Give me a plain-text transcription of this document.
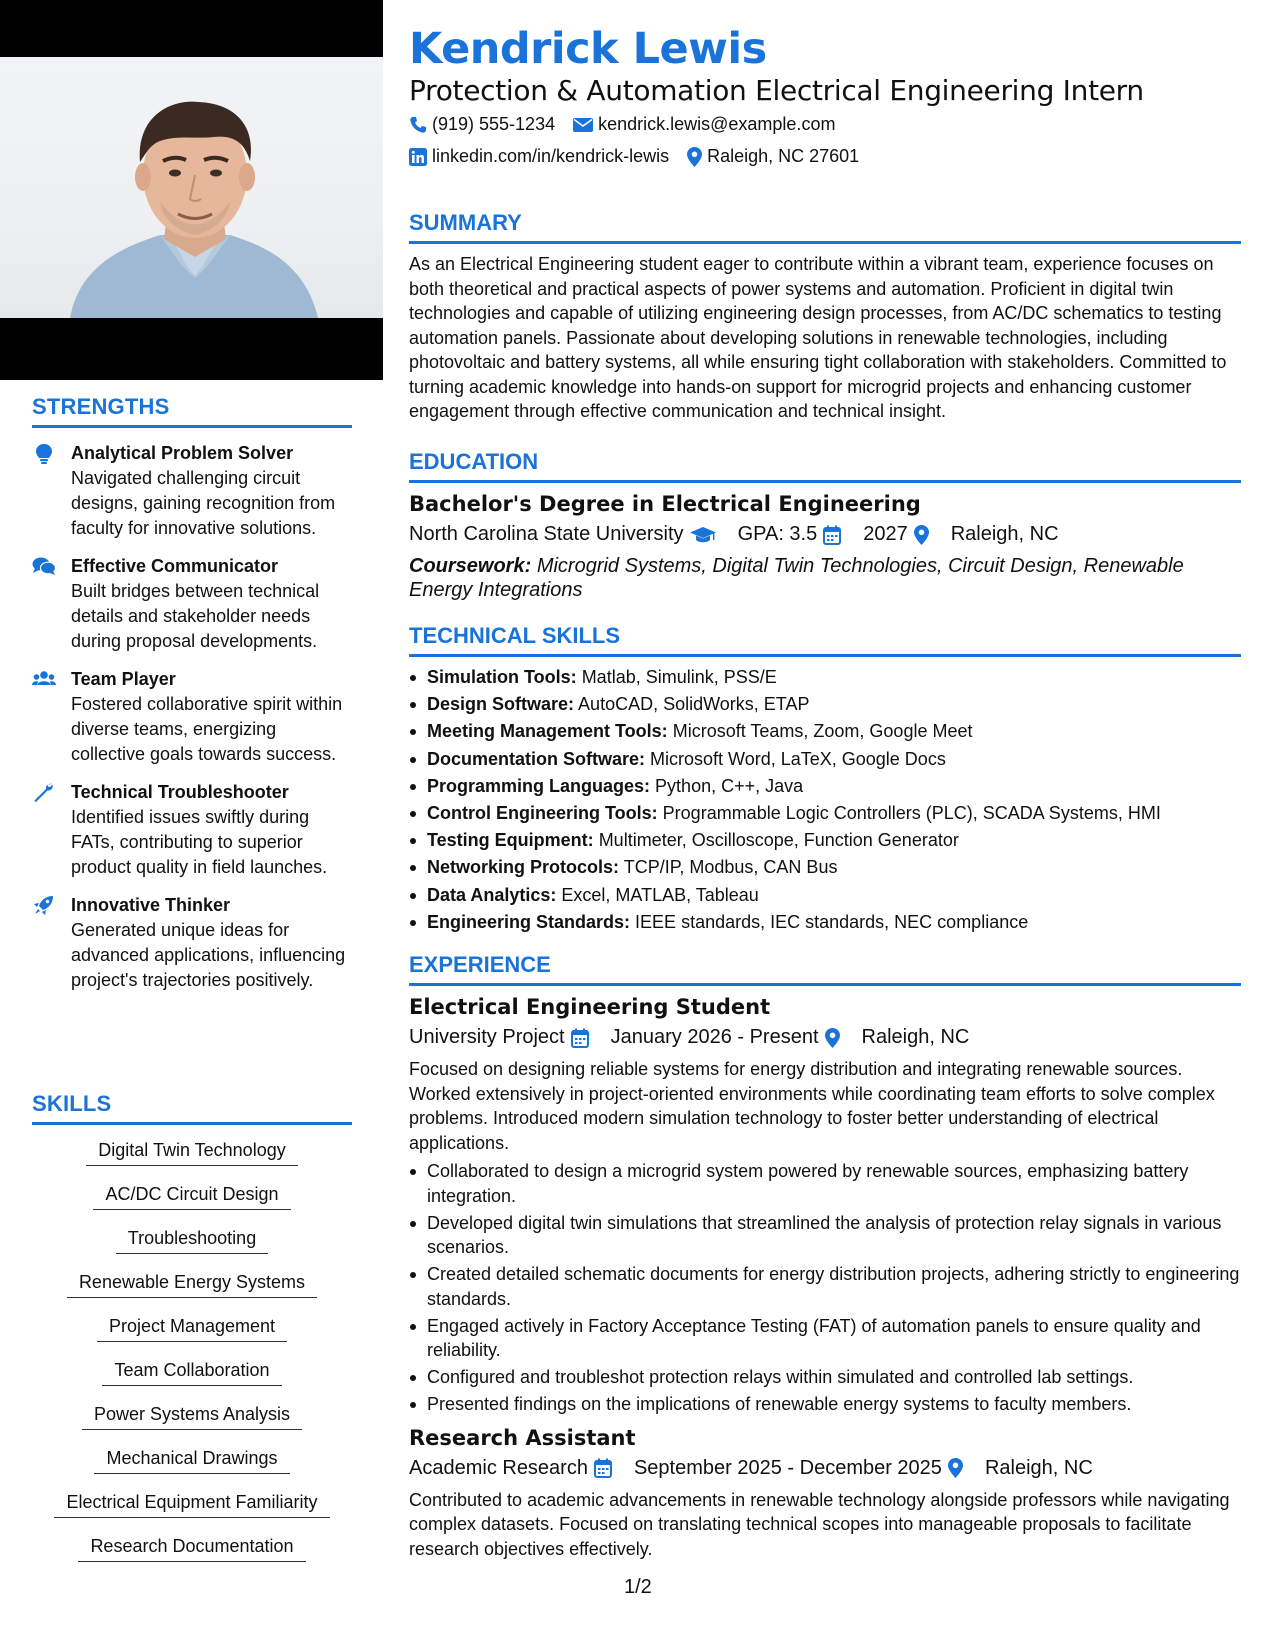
STRENGTHS
Analytical Problem Solver
Navigated challenging circuit designs, gaining recognition from faculty for innovative solutions.
Effective Communicator
Built bridges between technical details and stakeholder needs during proposal developments.
Team Player
Fostered collaborative spirit within diverse teams, energizing collective goals towards success.
Technical Troubleshooter
Identified issues swiftly during FATs, contributing to superior product quality in field launches.
Innovative Thinker
Generated unique ideas for advanced applications, influencing project's trajectories positively.
SKILLS
Digital Twin Technology
AC/DC Circuit Design
Troubleshooting
Renewable Energy Systems
Project Management
Team Collaboration
Power Systems Analysis
Mechanical Drawings
Electrical Equipment Familiarity
Research Documentation
Kendrick Lewis
Protection & Automation Electrical Engineering Intern
(919) 555-1234 kendrick.lewis@example.com
linkedin.com/in/kendrick-lewis Raleigh, NC 27601
SUMMARY
As an Electrical Engineering student eager to contribute within a vibrant team, experience focuses on both theoretical and practical aspects of power systems and automation. Proficient in digital twin technologies and capable of utilizing engineering design processes, from AC/DC schematics to testing automation panels. Passionate about developing solutions in renewable technologies, including photovoltaic and battery systems, all while ensuring tight collaboration with stakeholders. Committed to turning academic knowledge into hands-on support for microgrid projects and enhancing customer engagement through effective communication and technical insight.
EDUCATION
Bachelor's Degree in Electrical Engineering
North Carolina State University	GPA: 3.5 2027 Raleigh, NC
Coursework: Microgrid Systems, Digital Twin Technologies, Circuit Design, Renewable Energy Integrations
TECHNICAL SKILLS
Simulation Tools: Matlab, Simulink, PSS/E
Design Software: AutoCAD, SolidWorks, ETAP
Meeting Management Tools: Microsoft Teams, Zoom, Google Meet
Documentation Software: Microsoft Word, LaTeX, Google Docs
Programming Languages: Python, C++, Java
Control Engineering Tools: Programmable Logic Controllers (PLC), SCADA Systems, HMI
Testing Equipment: Multimeter, Oscilloscope, Function Generator
Networking Protocols: TCP/IP, Modbus, CAN Bus
Data Analytics: Excel, MATLAB, Tableau
Engineering Standards: IEEE standards, IEC standards, NEC compliance
EXPERIENCE
Electrical Engineering Student
University Project January 2026 - Present Raleigh, NC
Focused on designing reliable systems for energy distribution and integrating renewable sources. Worked extensively in project-oriented environments while coordinating team efforts to solve complex problems. Introduced modern simulation technology to foster better understanding of electrical applications.
Collaborated to design a microgrid system powered by renewable sources, emphasizing battery integration.
Developed digital twin simulations that streamlined the analysis of protection relay signals in various scenarios.
Created detailed schematic documents for energy distribution projects, adhering strictly to engineering standards.
Engaged actively in Factory Acceptance Testing (FAT) of automation panels to ensure quality and reliability.
Configured and troubleshot protection relays within simulated and controlled lab settings.
Presented findings on the implications of renewable energy systems to faculty members.
Research Assistant
Academic Research September 2025 - December 2025 Raleigh, NC
Contributed to academic advancements in renewable technology alongside professors while navigating complex datasets. Focused on translating technical scopes into manageable proposals to facilitate research objectives effectively.
1/2
